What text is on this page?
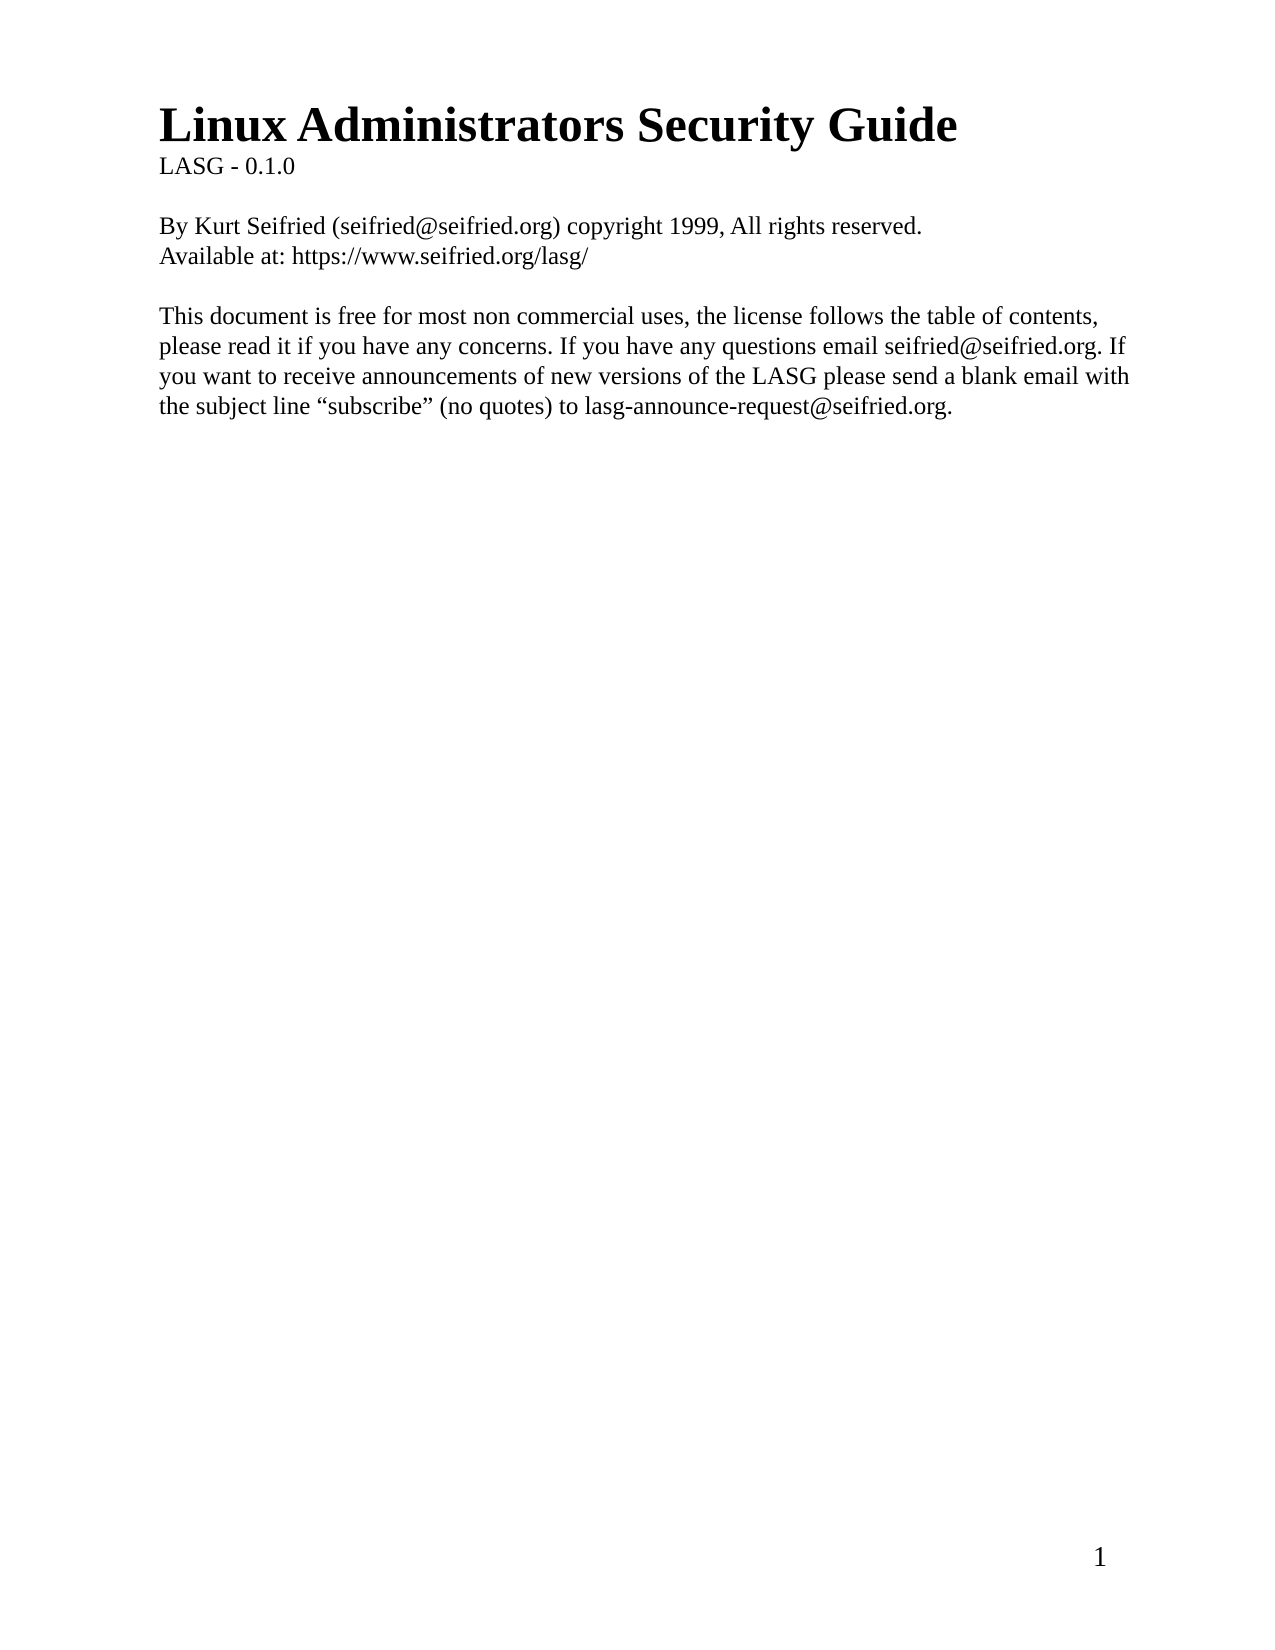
Linux Administrators Security Guide
LASG - 0.1.0
By Kurt Seifried (seifried@seifried.org) copyright 1999, All rights reserved.
Available at: https://www.seifried.org/lasg/

This document is free for most non commercial uses, the license follows the table of contents, please read it if you have any concerns. If you have any questions email seifried@seifried.org. If you want to receive announcements of new versions of the LASG please send a blank email with the subject line “subscribe” (no quotes) to lasg-announce-request@seifried.org.

1
